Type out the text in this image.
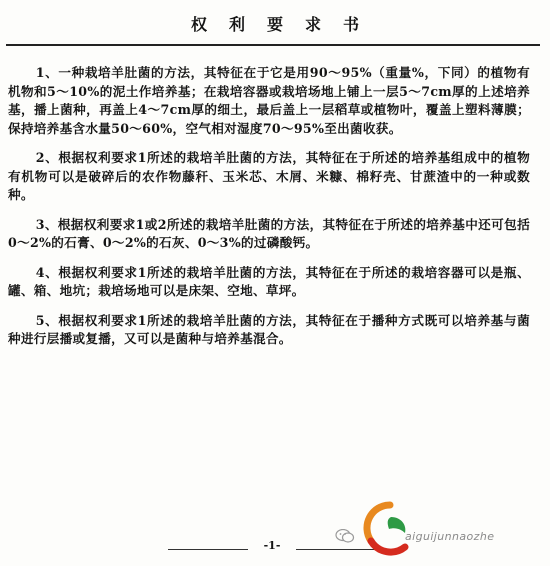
权利要求书

1、一种栽培羊肚菌的方法，其特征在于它是用90～95%（重量%，下同）的植物有机物和5～10%的泥土作培养基；在栽培容器或栽培场地上铺上一层5～7cm厚的上述培养基，播上菌种，再盖上4～7cm厚的细土，最后盖上一层稻草或植物叶，覆盖上塑料薄膜；保持培养基含水量50～60%，空气相对湿度70～95%至出菌收获。

2、根据权利要求1所述的栽培羊肚菌的方法，其特征在于所述的培养基组成中的植物有机物可以是破碎后的农作物藤秆、玉米芯、木屑、米糠、棉籽壳、甘蔗渣中的一种或数种。

3、根据权利要求1或2所述的栽培羊肚菌的方法，其特征在于所述的培养基中还可包括0～2%的石膏、0～2%的石灰、0～3%的过磷酸钙。

4、根据权利要求1所述的栽培羊肚菌的方法，其特征在于所述的栽培容器可以是瓶、罐、箱、地坑；栽培场地可以是床架、空地、草坪。

5、根据权利要求1所述的栽培羊肚菌的方法，其特征在于播种方式既可以培养基与菌种进行层播或复播，又可以是菌种与培养基混合。

-1-
aiguijunnaozhe
